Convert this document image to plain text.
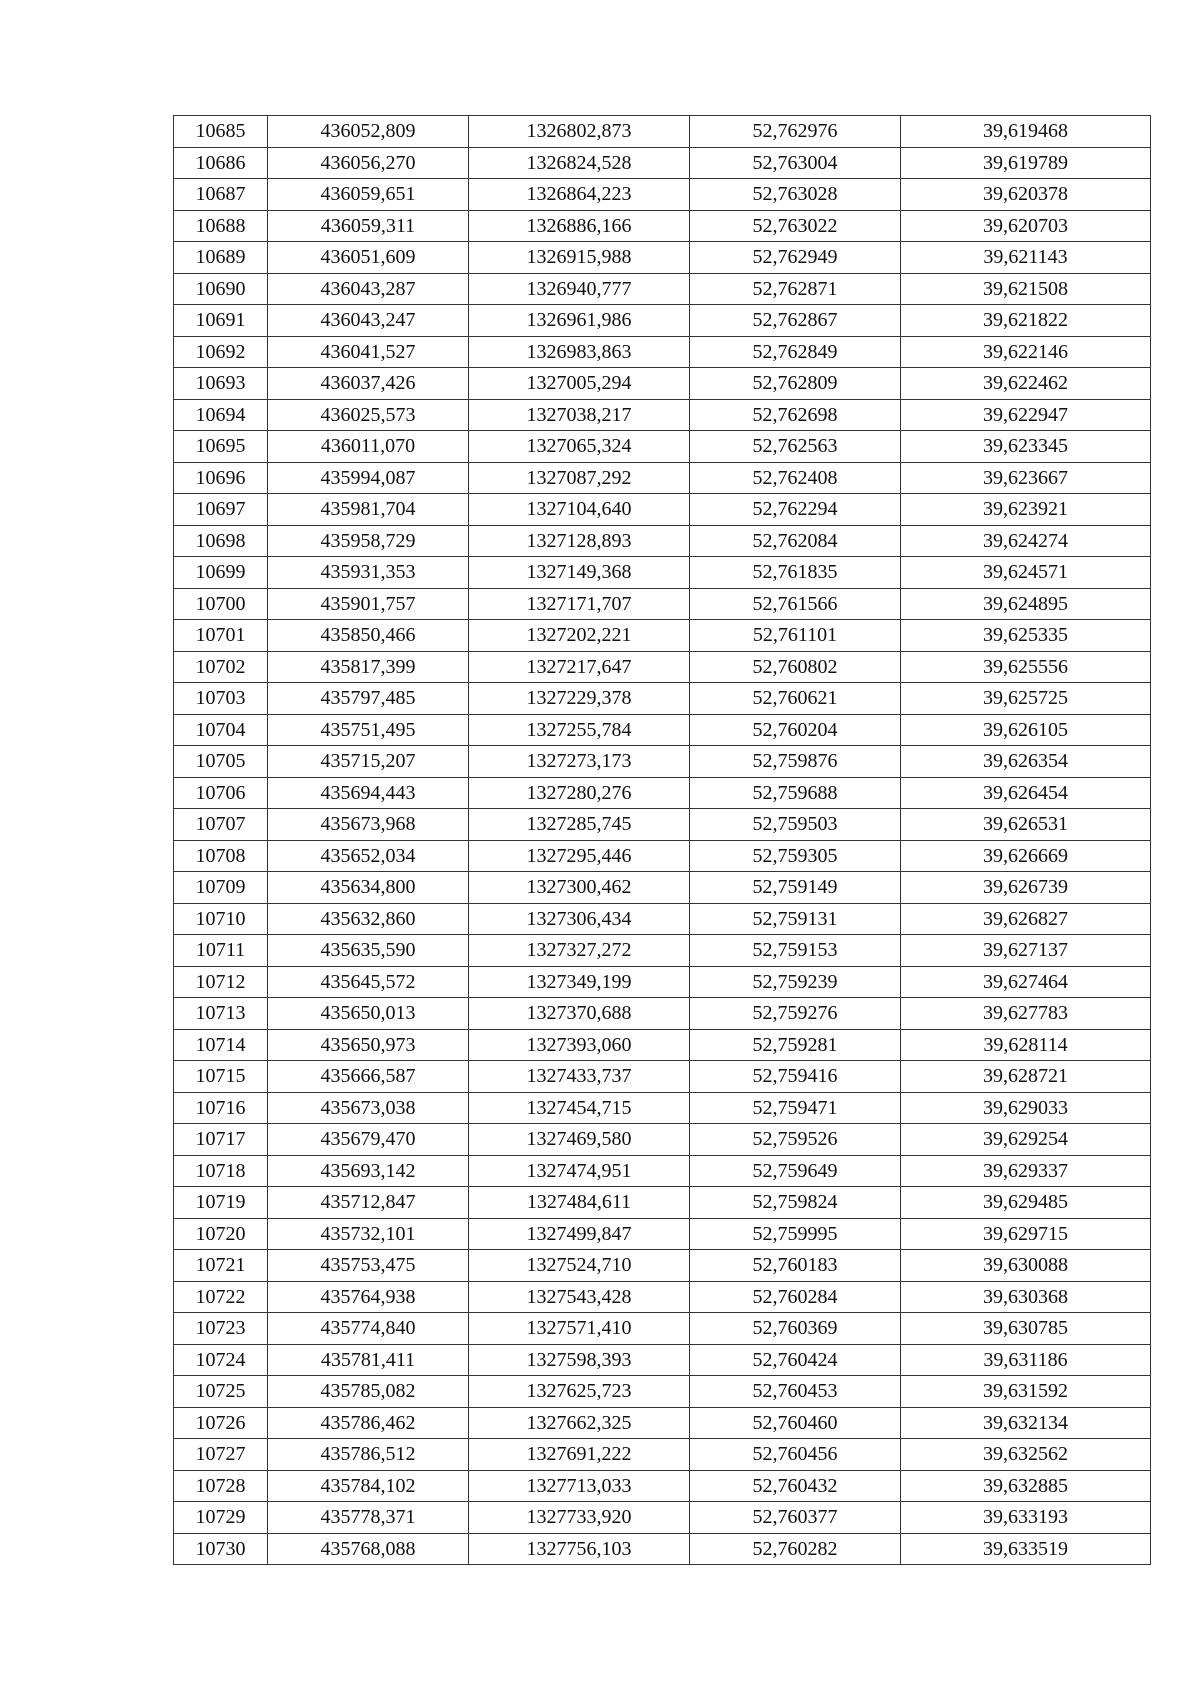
10685	436052,809	1326802,873	52,762976	39,619468
10686	436056,270	1326824,528	52,763004	39,619789
10687	436059,651	1326864,223	52,763028	39,620378
10688	436059,311	1326886,166	52,763022	39,620703
10689	436051,609	1326915,988	52,762949	39,621143
10690	436043,287	1326940,777	52,762871	39,621508
10691	436043,247	1326961,986	52,762867	39,621822
10692	436041,527	1326983,863	52,762849	39,622146
10693	436037,426	1327005,294	52,762809	39,622462
10694	436025,573	1327038,217	52,762698	39,622947
10695	436011,070	1327065,324	52,762563	39,623345
10696	435994,087	1327087,292	52,762408	39,623667
10697	435981,704	1327104,640	52,762294	39,623921
10698	435958,729	1327128,893	52,762084	39,624274
10699	435931,353	1327149,368	52,761835	39,624571
10700	435901,757	1327171,707	52,761566	39,624895
10701	435850,466	1327202,221	52,761101	39,625335
10702	435817,399	1327217,647	52,760802	39,625556
10703	435797,485	1327229,378	52,760621	39,625725
10704	435751,495	1327255,784	52,760204	39,626105
10705	435715,207	1327273,173	52,759876	39,626354
10706	435694,443	1327280,276	52,759688	39,626454
10707	435673,968	1327285,745	52,759503	39,626531
10708	435652,034	1327295,446	52,759305	39,626669
10709	435634,800	1327300,462	52,759149	39,626739
10710	435632,860	1327306,434	52,759131	39,626827
10711	435635,590	1327327,272	52,759153	39,627137
10712	435645,572	1327349,199	52,759239	39,627464
10713	435650,013	1327370,688	52,759276	39,627783
10714	435650,973	1327393,060	52,759281	39,628114
10715	435666,587	1327433,737	52,759416	39,628721
10716	435673,038	1327454,715	52,759471	39,629033
10717	435679,470	1327469,580	52,759526	39,629254
10718	435693,142	1327474,951	52,759649	39,629337
10719	435712,847	1327484,611	52,759824	39,629485
10720	435732,101	1327499,847	52,759995	39,629715
10721	435753,475	1327524,710	52,760183	39,630088
10722	435764,938	1327543,428	52,760284	39,630368
10723	435774,840	1327571,410	52,760369	39,630785
10724	435781,411	1327598,393	52,760424	39,631186
10725	435785,082	1327625,723	52,760453	39,631592
10726	435786,462	1327662,325	52,760460	39,632134
10727	435786,512	1327691,222	52,760456	39,632562
10728	435784,102	1327713,033	52,760432	39,632885
10729	435778,371	1327733,920	52,760377	39,633193
10730	435768,088	1327756,103	52,760282	39,633519
